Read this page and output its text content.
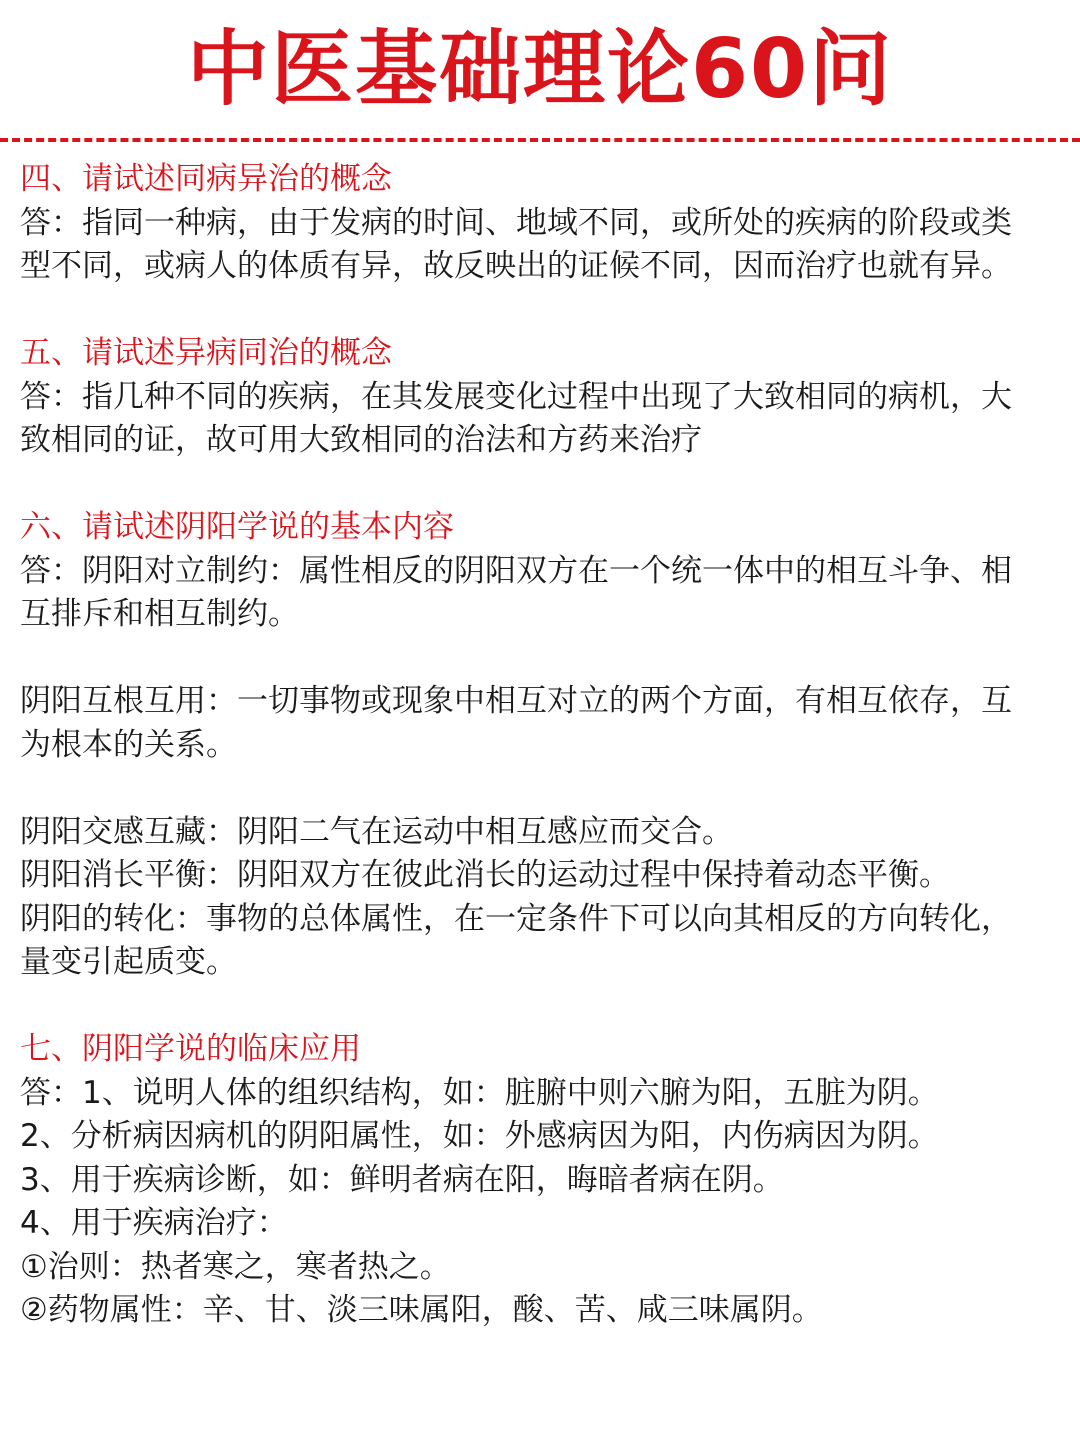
中医基础理论60问
四、请试述同病异治的概念
答：指同一种病，由于发病的时间、地域不同，或所处的疾病的阶段或类
型不同，或病人的体质有异，故反映出的证候不同，因而治疗也就有异。
五、请试述异病同治的概念
答：指几种不同的疾病，在其发展变化过程中出现了大致相同的病机，大
致相同的证，故可用大致相同的治法和方药来治疗
六、请试述阴阳学说的基本内容
答：阴阳对立制约：属性相反的阴阳双方在一个统一体中的相互斗争、相
互排斥和相互制约。
阴阳互根互用：一切事物或现象中相互对立的两个方面，有相互依存，互
为根本的关系。
阴阳交感互藏：阴阳二气在运动中相互感应而交合。
阴阳消长平衡：阴阳双方在彼此消长的运动过程中保持着动态平衡。
阴阳的转化：事物的总体属性，在一定条件下可以向其相反的方向转化，
量变引起质变。
七、阴阳学说的临床应用
答：1、说明人体的组织结构，如：脏腑中则六腑为阳，五脏为阴。
2、分析病因病机的阴阳属性，如：外感病因为阳，内伤病因为阴。
3、用于疾病诊断，如：鲜明者病在阳，晦暗者病在阴。
4、用于疾病治疗：
①治则：热者寒之，寒者热之。
②药物属性：辛、甘、淡三味属阳，酸、苦、咸三味属阴。
